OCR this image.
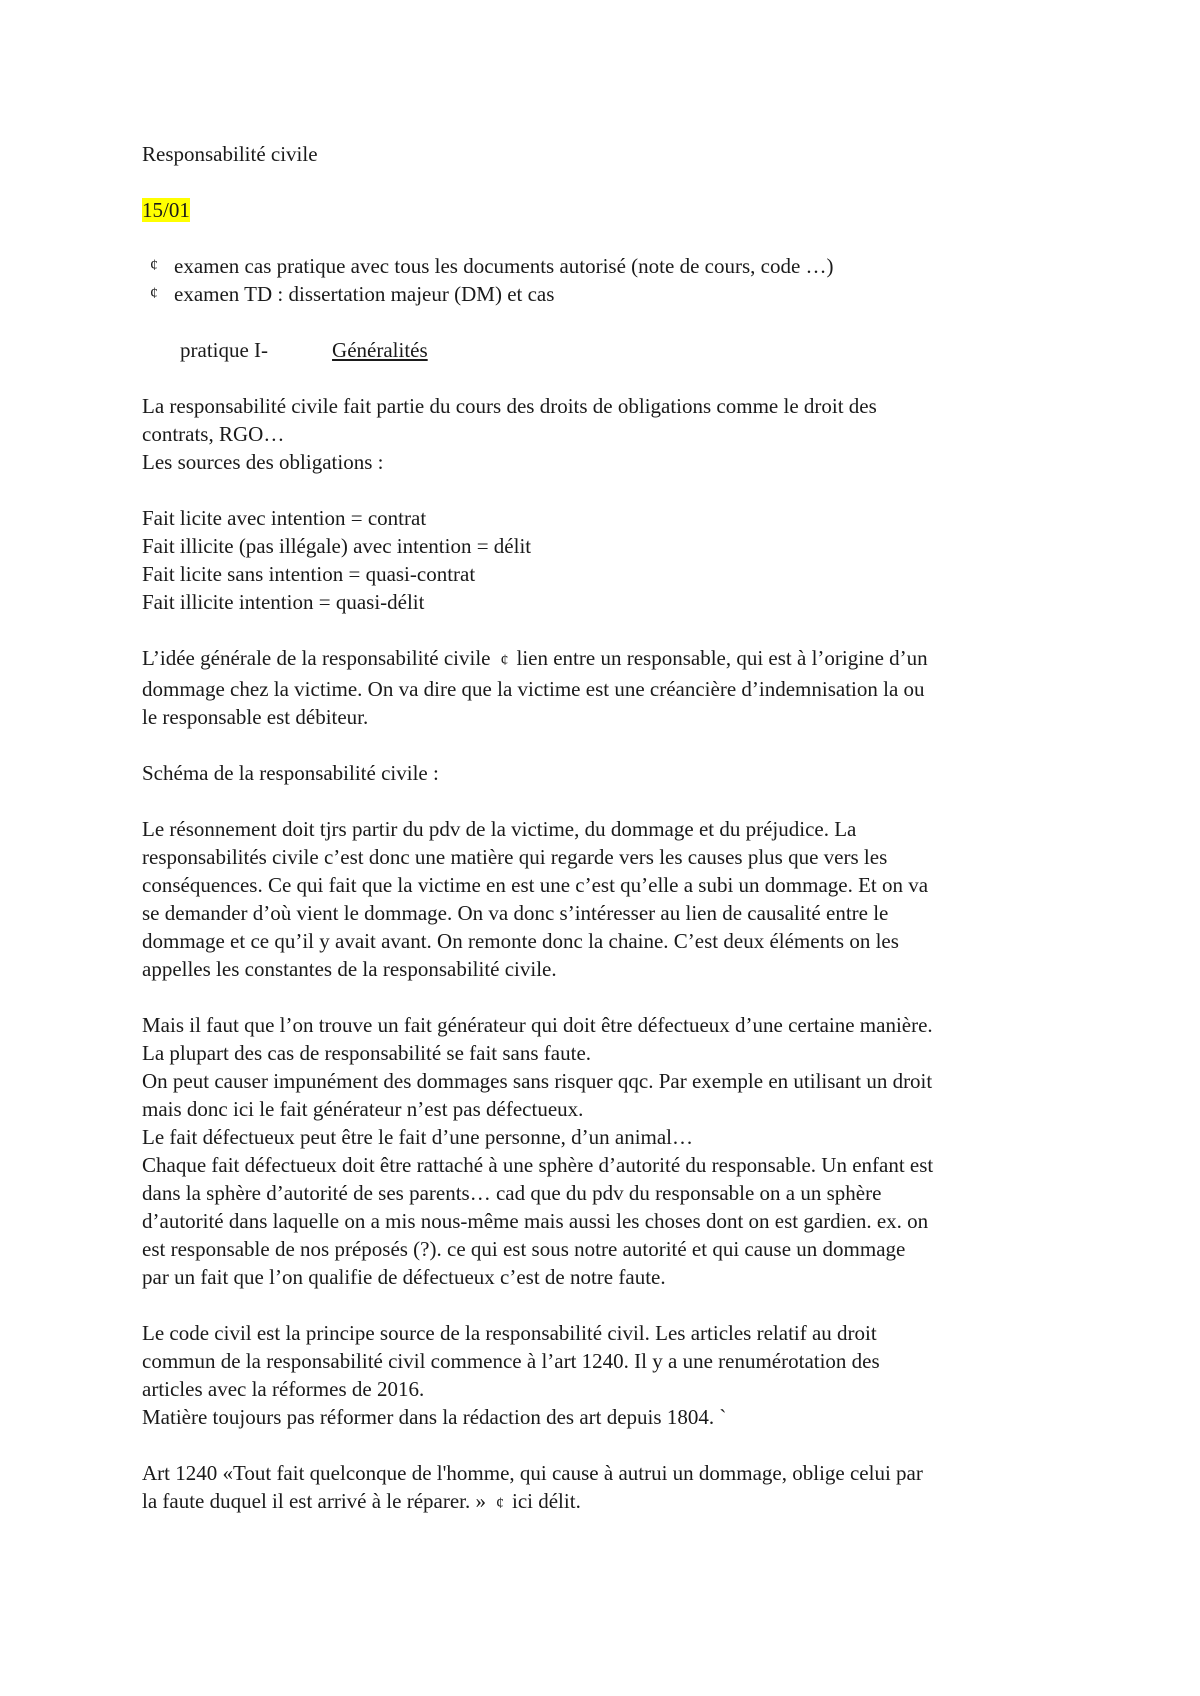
Responsabilité civile

15/01

¢ examen cas pratique avec tous les documents autorisé (note de cours, code …)
¢ examen TD : dissertation majeur (DM) et cas

pratique I-	Généralités

La responsabilité civile fait partie du cours des droits de obligations comme le droit des

contrats, RGO…

Les sources des obligations :

Fait licite avec intention = contrat

Fait illicite (pas illégale) avec intention = délit

Fait licite sans intention = quasi-contrat

Fait illicite intention = quasi-délit

L’idée générale de la responsabilité civile ¢ lien entre un responsable, qui est à l’origine d’un

dommage chez la victime. On va dire que la victime est une créancière d’indemnisation la ou

le responsable est débiteur.

Schéma de la responsabilité civile :

Le résonnement doit tjrs partir du pdv de la victime, du dommage et du préjudice. La

responsabilités civile c’est donc une matière qui regarde vers les causes plus que vers les

conséquences. Ce qui fait que la victime en est une c’est qu’elle a subi un dommage. Et on va

se demander d’où vient le dommage. On va donc s’intéresser au lien de causalité entre le

dommage et ce qu’il y avait avant. On remonte donc la chaine. C’est deux éléments on les

appelles les constantes de la responsabilité civile.

Mais il faut que l’on trouve un fait générateur qui doit être défectueux d’une certaine manière.

La plupart des cas de responsabilité se fait sans faute.

On peut causer impunément des dommages sans risquer qqc. Par exemple en utilisant un droit

mais donc ici le fait générateur n’est pas défectueux.

Le fait défectueux peut être le fait d’une personne, d’un animal…

Chaque fait défectueux doit être rattaché à une sphère d’autorité du responsable. Un enfant est

dans la sphère d’autorité de ses parents… cad que du pdv du responsable on a un sphère

d’autorité dans laquelle on a mis nous-même mais aussi les choses dont on est gardien. ex. on

est responsable de nos préposés (?). ce qui est sous notre autorité et qui cause un dommage

par un fait que l’on qualifie de défectueux c’est de notre faute.

Le code civil est la principe source de la responsabilité civil. Les articles relatif au droit

commun de la responsabilité civil commence à l’art 1240. Il y a une renumérotation des

articles avec la réformes de 2016.

Matière toujours pas réformer dans la rédaction des art depuis 1804. `

Art 1240 «Tout fait quelconque de l'homme, qui cause à autrui un dommage, oblige celui par

la faute duquel il est arrivé à le réparer. » ¢ ici délit.
